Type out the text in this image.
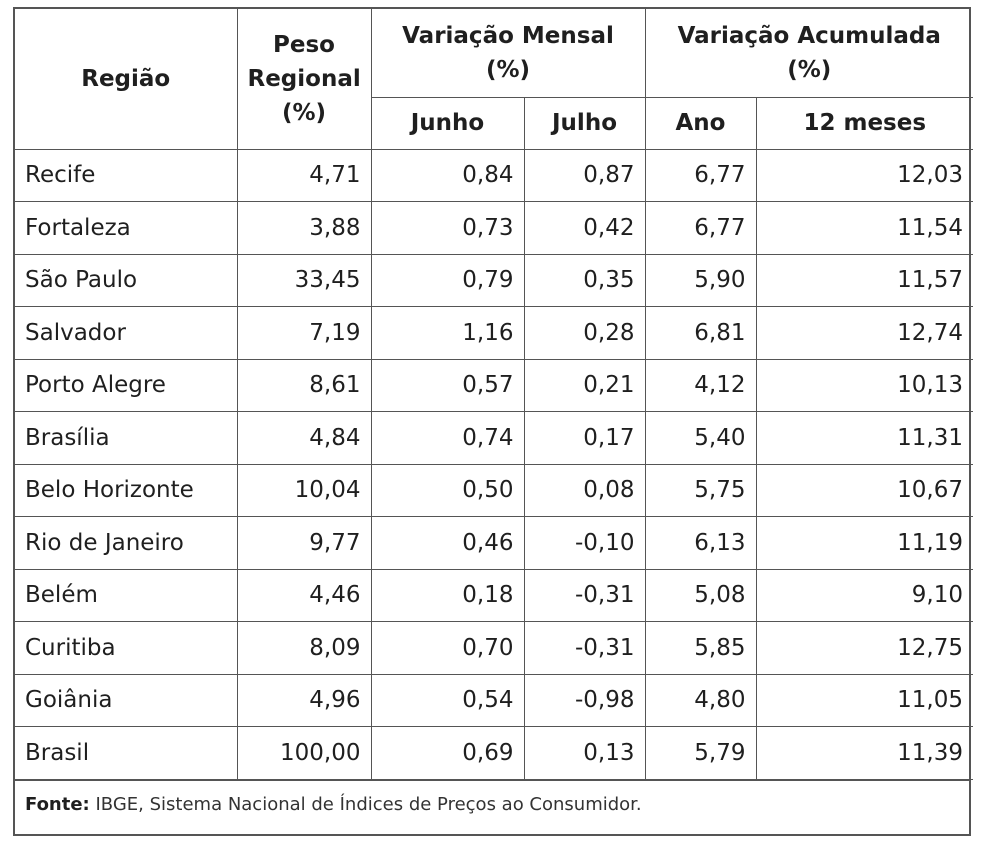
Região	Peso Regional (%)	Variação Mensal (%)		Variação Acumulada (%)	
		Junho	Julho	Ano	12 meses
Recife	4,71	0,84	0,87	6,77	12,03
Fortaleza	3,88	0,73	0,42	6,77	11,54
São Paulo	33,45	0,79	0,35	5,90	11,57
Salvador	7,19	1,16	0,28	6,81	12,74
Porto Alegre	8,61	0,57	0,21	4,12	10,13
Brasília	4,84	0,74	0,17	5,40	11,31
Belo Horizonte	10,04	0,50	0,08	5,75	10,67
Rio de Janeiro	9,77	0,46	-0,10	6,13	11,19
Belém	4,46	0,18	-0,31	5,08	9,10
Curitiba	8,09	0,70	-0,31	5,85	12,75
Goiânia	4,96	0,54	-0,98	4,80	11,05
Brasil	100,00	0,69	0,13	5,79	11,39
Fonte: IBGE, Sistema Nacional de Índices de Preços ao Consumidor.
